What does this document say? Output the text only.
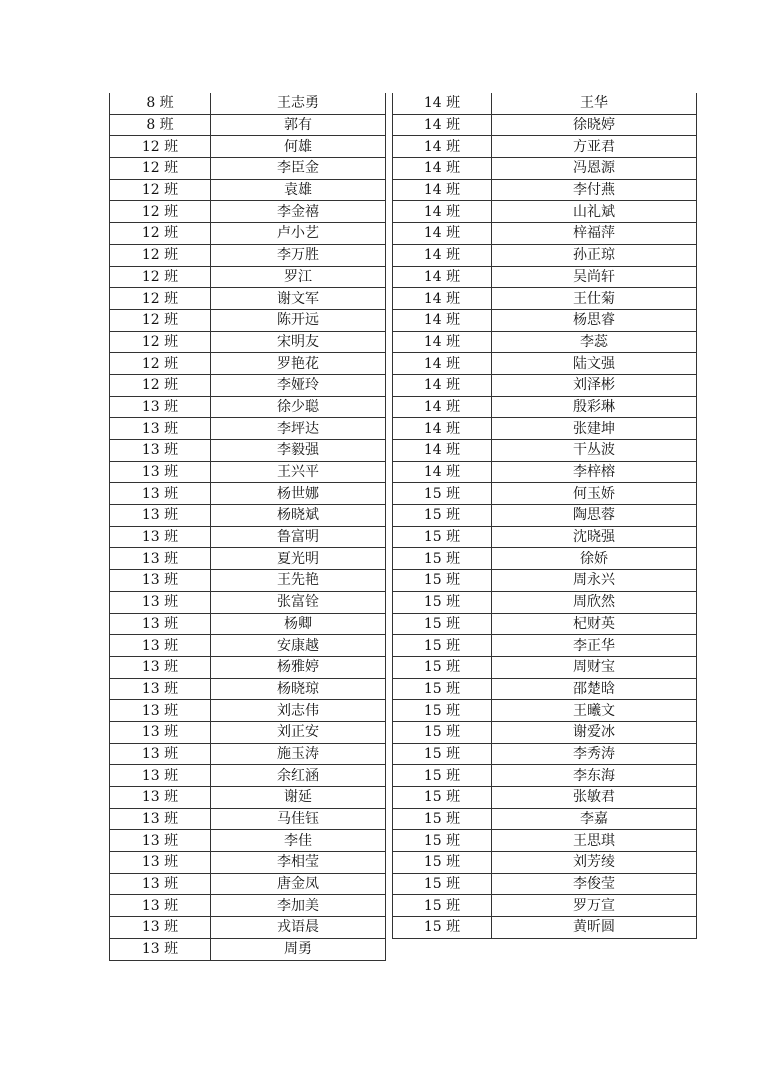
8 班	王志勇
8 班	郭有
12 班	何雄
12 班	李臣金
12 班	袁雄
12 班	李金禧
12 班	卢小艺
12 班	李万胜
12 班	罗江
12 班	谢文军
12 班	陈开远
12 班	宋明友
12 班	罗艳花
12 班	李娅玲
13 班	徐少聪
13 班	李坪达
13 班	李毅强
13 班	王兴平
13 班	杨世娜
13 班	杨晓斌
13 班	鲁富明
13 班	夏光明
13 班	王先艳
13 班	张富铨
13 班	杨卿
13 班	安康越
13 班	杨雅婷
13 班	杨晓琼
13 班	刘志伟
13 班	刘正安
13 班	施玉涛
13 班	余红涵
13 班	谢延
13 班	马佳钰
13 班	李佳
13 班	李相莹
13 班	唐金凤
13 班	李加美
13 班	戎语晨
13 班	周勇
14 班	王华
14 班	徐晓婷
14 班	方亚君
14 班	冯恩源
14 班	李付燕
14 班	山礼斌
14 班	梓福萍
14 班	孙正琼
14 班	吴尚轩
14 班	王仕菊
14 班	杨思睿
14 班	李蕊
14 班	陆文强
14 班	刘泽彬
14 班	殷彩琳
14 班	张建坤
14 班	干丛波
14 班	李梓榕
15 班	何玉娇
15 班	陶思蓉
15 班	沈晓强
15 班	徐娇
15 班	周永兴
15 班	周欣然
15 班	杞财英
15 班	李正华
15 班	周财宝
15 班	邵楚晗
15 班	王曦文
15 班	谢爱冰
15 班	李秀涛
15 班	李东海
15 班	张敏君
15 班	李嘉
15 班	王思琪
15 班	刘芳绫
15 班	李俊莹
15 班	罗万宣
15 班	黄昕圆
